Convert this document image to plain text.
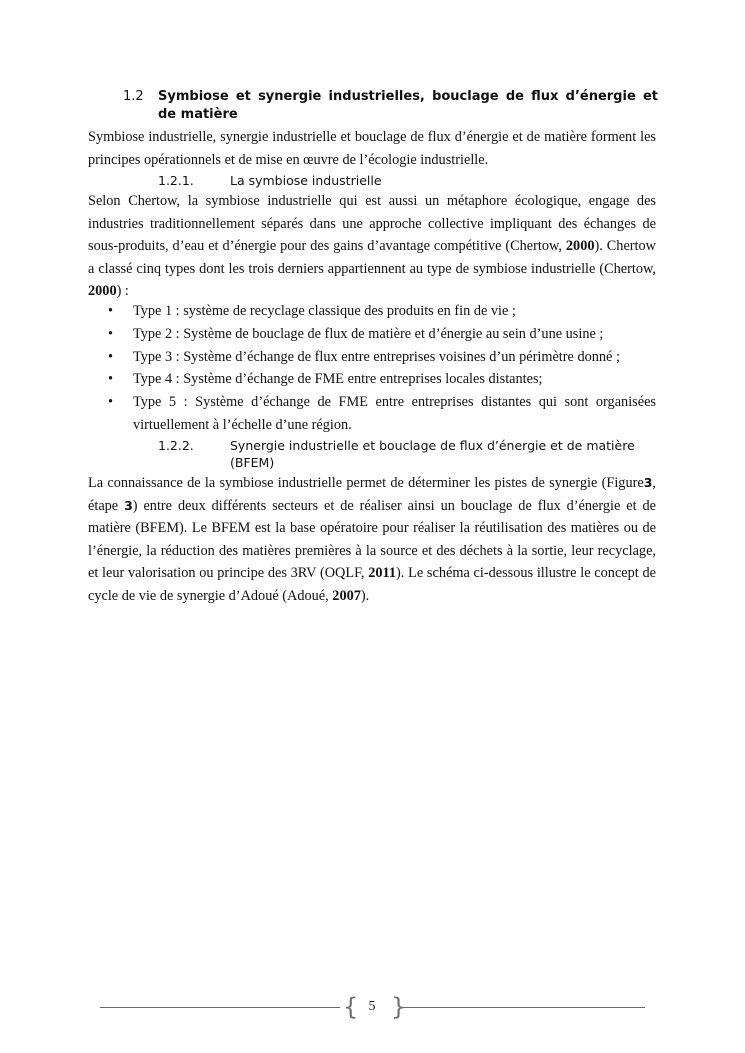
1.2 Symbiose et synergie industrielles, bouclage de flux d’énergie et de matière

Symbiose industrielle, synergie industrielle et bouclage de flux d’énergie et de matière forment les principes opérationnels et de mise en œuvre de l’écologie industrielle.

1.2.1.	La symbiose industrielle

Selon Chertow, la symbiose industrielle qui est aussi un métaphore écologique, engage des industries traditionnellement séparés dans une approche collective impliquant des échanges de sous-produits, d’eau et d’énergie pour des gains d’avantage compétitive (Chertow, 2000). Chertow a classé cinq types dont les trois derniers appartiennent au type de symbiose industrielle (Chertow, 2000) :

• Type 1 : système de recyclage classique des produits en fin de vie ;
• Type 2 : Système de bouclage de flux de matière et d’énergie au sein d’une usine ;
• Type 3 : Système d’échange de flux entre entreprises voisines d’un périmètre donné ;
• Type 4 : Système d’échange de FME entre entreprises locales distantes;
• Type 5 : Système d’échange de FME entre entreprises distantes qui sont organisées virtuellement à l’échelle d’une région.
1.2.2.	Synergie industrielle et bouclage de flux d’énergie et de matière (BFEM)

La connaissance de la symbiose industrielle permet de déterminer les pistes de synergie (Figure3, étape 3) entre deux différents secteurs et de réaliser ainsi un bouclage de flux d’énergie et de matière (BFEM). Le BFEM est la base opératoire pour réaliser la réutilisation des matières ou de l’énergie, la réduction des matières premières à la source et des déchets à la sortie, leur recyclage, et leur valorisation ou principe des 3RV (OQLF, 2011). Le schéma ci-dessous illustre le concept de cycle de vie de synergie d’Adoué (Adoué, 2007).

{ 5 }
